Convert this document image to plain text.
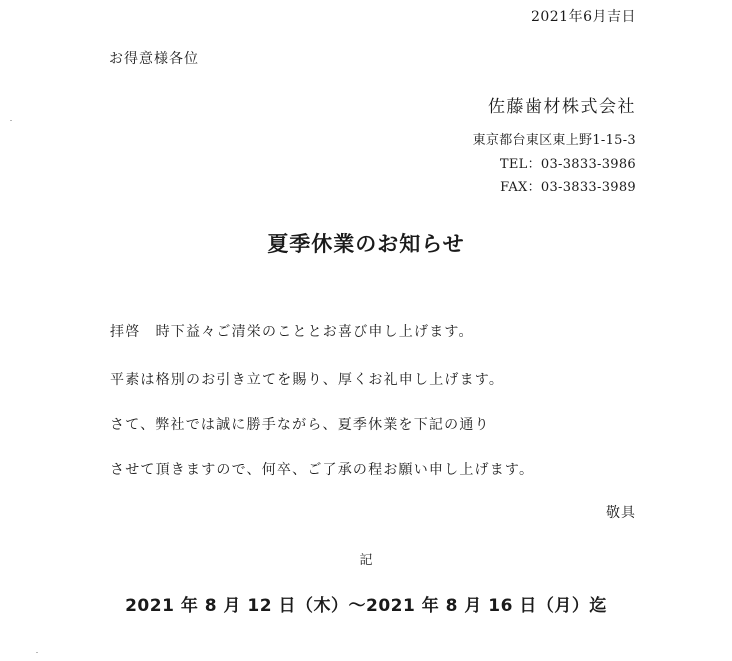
2021年6月吉日
お得意様各位
佐藤歯材株式会社
東京都台東区東上野1-15-3
TEL：03-3833-3986
FAX：03-3833-3989
夏季休業のお知らせ
拝啓　時下益々ご清栄のこととお喜び申し上げます。
平素は格別のお引き立てを賜り、厚くお礼申し上げます。
さて、弊社では誠に勝手ながら、夏季休業を下記の通り
させて頂きますので、何卒、ご了承の程お願い申し上げます。
敬具
記
2021 年 8 月 12 日（木）～2021 年 8 月 16 日（月）迄
